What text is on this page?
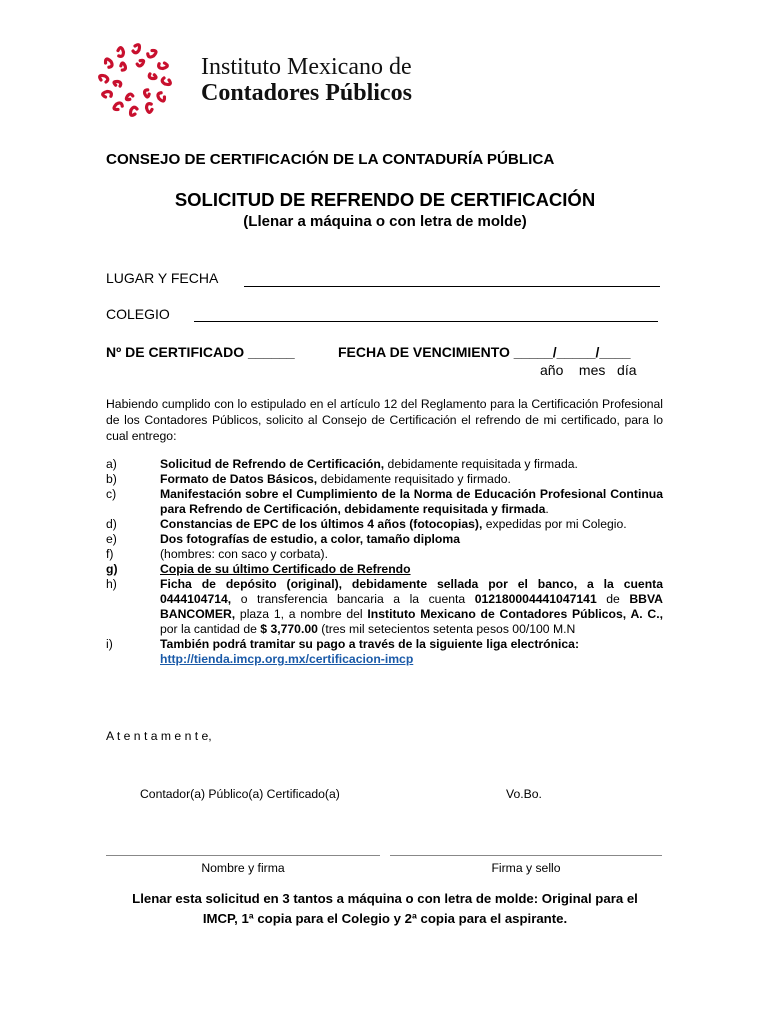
Instituto Mexicano de
Contadores Públicos
CONSEJO DE CERTIFICACIÓN DE LA CONTADURÍA PÚBLICA
SOLICITUD DE REFRENDO DE CERTIFICACIÓN
(Llenar a máquina o con letra de molde)
LUGAR Y FECHA
COLEGIO
Nº DE CERTIFICADO ______	FECHA DE VENCIMIENTO _____/_____/____
año    mes   día
Habiendo cumplido con lo estipulado en el artículo 12 del Reglamento para la Certificación Profesional de los Contadores Públicos, solicito al Consejo de Certificación el refrendo de mi certificado, para lo cual entrego:
a)	Solicitud de Refrendo de Certificación, debidamente requisitada y firmada.
b)	Formato de Datos Básicos, debidamente requisitado y firmado.
c)	Manifestación sobre el Cumplimiento de la Norma de Educación Profesional Continua para Refrendo de Certificación, debidamente requisitada y firmada.
d)	Constancias de EPC de los últimos 4 años (fotocopias), expedidas por mi Colegio.
e)	Dos fotografías de estudio, a color, tamaño diploma
f)	(hombres: con saco y corbata).
g)	Copia de su último Certificado de Refrendo
h)	Ficha de depósito (original), debidamente sellada por el banco, a la cuenta 0444104714, o transferencia bancaria a la cuenta 012180004441047141 de BBVA BANCOMER, plaza 1, a nombre del Instituto Mexicano de Contadores Públicos, A. C., por la cantidad de $ 3,770.00 (tres mil setecientos setenta pesos 00/100 M.N
i)	También podrá tramitar su pago a través de la siguiente liga electrónica:
http://tienda.imcp.org.mx/certificacion-imcp
A t e n t a m e n t e,
Contador(a) Público(a) Certificado(a)	Vo.Bo.
Nombre y firma	Firma y sello
Llenar esta solicitud en 3 tantos a máquina o con letra de molde: Original para el
IMCP, 1ª copia para el Colegio y 2ª copia para el aspirante.
